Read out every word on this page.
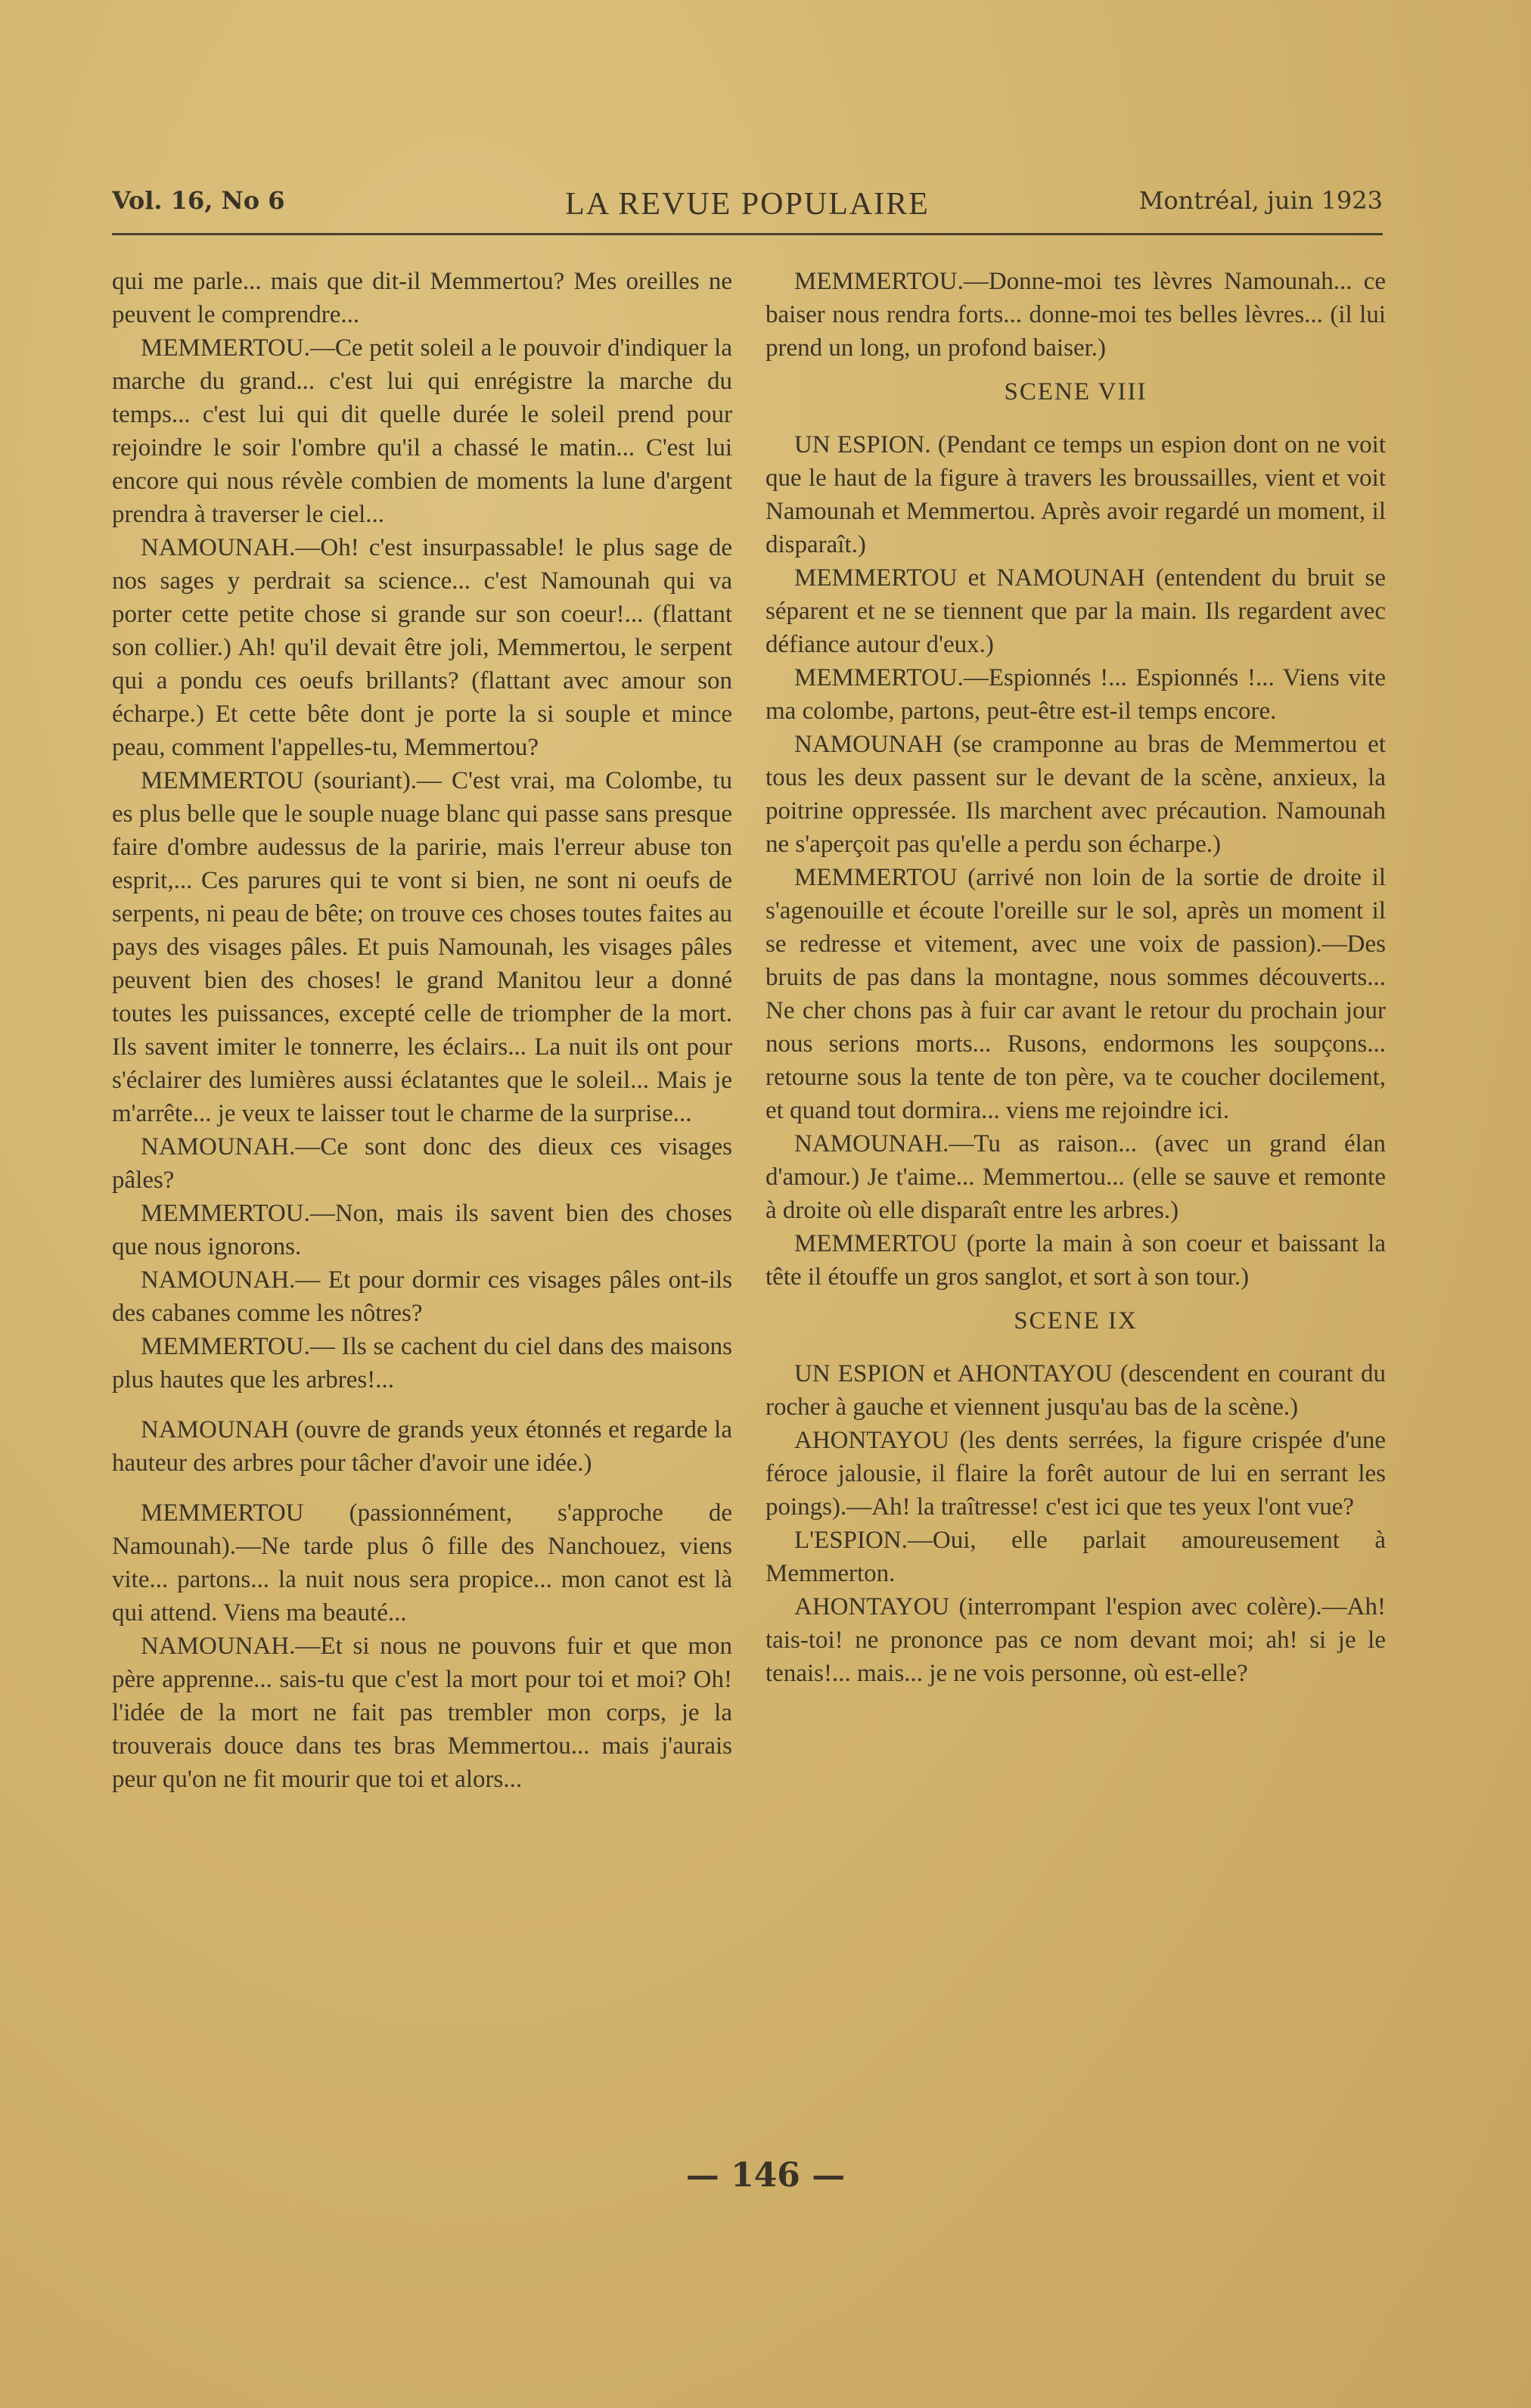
Vol. 16, No 6	LA REVUE POPULAIRE	Montréal, juin 1923

qui me parle... mais que dit-il Memmertou? Mes oreilles ne peuvent le comprendre...

MEMMERTOU.—Ce petit soleil a le pouvoir d'indiquer la marche du grand... c'est lui qui enrégistre la marche du temps... c'est lui qui dit quelle durée le soleil prend pour rejoindre le soir l'ombre qu'il a chassé le matin... C'est lui encore qui nous révèle combien de moments la lune d'argent prendra à traverser le ciel...

NAMOUNAH.—Oh! c'est insurpassable! le plus sage de nos sages y perdrait sa science... c'est Namounah qui va porter cette petite chose si grande sur son coeur!... (flattant son collier.) Ah! qu'il devait être joli, Memmertou, le serpent qui a pondu ces oeufs brillants? (flattant avec amour son écharpe.) Et cette bête dont je porte la si souple et mince peau, comment l'appelles-tu, Memmertou?

MEMMERTOU (souriant).— C'est vrai, ma Colombe, tu es plus belle que le souple nuage blanc qui passe sans presque faire d'ombre audessus de la paririe, mais l'erreur abuse ton esprit,... Ces parures qui te vont si bien, ne sont ni oeufs de serpents, ni peau de bête; on trouve ces choses toutes faites au pays des visages pâles. Et puis Namounah, les visages pâles peuvent bien des choses! le grand Manitou leur a donné toutes les puissances, excepté celle de triompher de la mort. Ils savent imiter le tonnerre, les éclairs... La nuit ils ont pour s'éclairer des lumières aussi éclatantes que le soleil... Mais je m'arrête... je veux te laisser tout le charme de la surprise...

NAMOUNAH.—Ce sont donc des dieux ces visages pâles?

MEMMERTOU.—Non, mais ils savent bien des choses que nous ignorons.

NAMOUNAH.— Et pour dormir ces visages pâles ont-ils des cabanes comme les nôtres?

MEMMERTOU.— Ils se cachent du ciel dans des maisons plus hautes que les arbres!...

NAMOUNAH (ouvre de grands yeux étonnés et regarde la hauteur des arbres pour tâcher d'avoir une idée.)

MEMMERTOU (passionnément, s'approche de Namounah).—Ne tarde plus ô fille des Nanchouez, viens vite... partons... la nuit nous sera propice... mon canot est là qui attend. Viens ma beauté...

NAMOUNAH.—Et si nous ne pouvons fuir et que mon père apprenne... sais-tu que c'est la mort pour toi et moi? Oh! l'idée de la mort ne fait pas trembler mon corps, je la trouverais douce dans tes bras Memmertou... mais j'aurais peur qu'on ne fit mourir que toi et alors...

MEMMERTOU.—Donne-moi tes lèvres Namounah... ce baiser nous rendra forts... donne-moi tes belles lèvres... (il lui prend un long, un profond baiser.)

SCENE VIII

UN ESPION. (Pendant ce temps un espion dont on ne voit que le haut de la figure à travers les broussailles, vient et voit Namounah et Memmertou. Après avoir regardé un moment, il disparaît.)

MEMMERTOU et NAMOUNAH (entendent du bruit se séparent et ne se tiennent que par la main. Ils regardent avec défiance autour d'eux.)

MEMMERTOU.—Espionnés !... Espionnés !... Viens vite ma colombe, partons, peut-être est-il temps encore.

NAMOUNAH (se cramponne au bras de Memmertou et tous les deux passent sur le devant de la scène, anxieux, la poitrine oppressée. Ils marchent avec précaution. Namounah ne s'aperçoit pas qu'elle a perdu son écharpe.)

MEMMERTOU (arrivé non loin de la sortie de droite il s'agenouille et écoute l'oreille sur le sol, après un moment il se redresse et vitement, avec une voix de passion).—Des bruits de pas dans la montagne, nous sommes découverts... Ne cher chons pas à fuir car avant le retour du prochain jour nous serions morts... Rusons, endormons les soupçons... retourne sous la tente de ton père, va te coucher docilement, et quand tout dormira... viens me rejoindre ici.

NAMOUNAH.—Tu as raison... (avec un grand élan d'amour.) Je t'aime... Memmertou... (elle se sauve et remonte à droite où elle disparaît entre les arbres.)

MEMMERTOU (porte la main à son coeur et baissant la tête il étouffe un gros sanglot, et sort à son tour.)

SCENE IX

UN ESPION et AHONTAYOU (descendent en courant du rocher à gauche et viennent jusqu'au bas de la scène.)

AHONTAYOU (les dents serrées, la figure crispée d'une féroce jalousie, il flaire la forêt autour de lui en serrant les poings).—Ah! la traîtresse! c'est ici que tes yeux l'ont vue?

L'ESPION.—Oui, elle parlait amoureusement à Memmerton.

AHONTAYOU (interrompant l'espion avec colère).—Ah! tais-toi! ne prononce pas ce nom devant moi; ah! si je le tenais!... mais... je ne vois personne, où est-elle?

— 146 —
